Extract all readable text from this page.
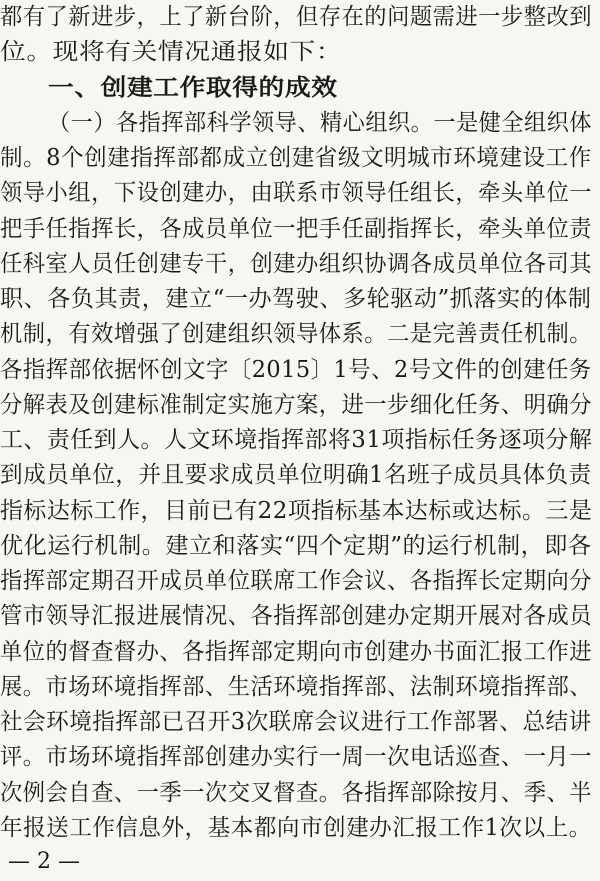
都有了新进步，上了新台阶，但存在的问题需进一步整改到
位。现将有关情况通报如下：
一、创建工作取得的成效
（一）各指挥部科学领导、精心组织。一是健全组织体
制。8个创建指挥部都成立创建省级文明城市环境建设工作
领导小组，下设创建办，由联系市领导任组长，牵头单位一
把手任指挥长，各成员单位一把手任副指挥长，牵头单位责
任科室人员任创建专干，创建办组织协调各成员单位各司其
职、各负其责，建立“一办驾驶、多轮驱动”抓落实的体制
机制，有效增强了创建组织领导体系。二是完善责任机制。
各指挥部依据怀创文字〔2015〕1号、2号文件的创建任务
分解表及创建标准制定实施方案，进一步细化任务、明确分
工、责任到人。人文环境指挥部将31项指标任务逐项分解
到成员单位，并且要求成员单位明确1名班子成员具体负责
指标达标工作，目前已有22项指标基本达标或达标。三是
优化运行机制。建立和落实“四个定期”的运行机制，即各
指挥部定期召开成员单位联席工作会议、各指挥长定期向分
管市领导汇报进展情况、各指挥部创建办定期开展对各成员
单位的督查督办、各指挥部定期向市创建办书面汇报工作进
展。市场环境指挥部、生活环境指挥部、法制环境指挥部、
社会环境指挥部已召开3次联席会议进行工作部署、总结讲
评。市场环境指挥部创建办实行一周一次电话巡查、一月一
次例会自查、一季一次交叉督查。各指挥部除按月、季、半
年报送工作信息外，基本都向市创建办汇报工作1次以上。
— 2 —
